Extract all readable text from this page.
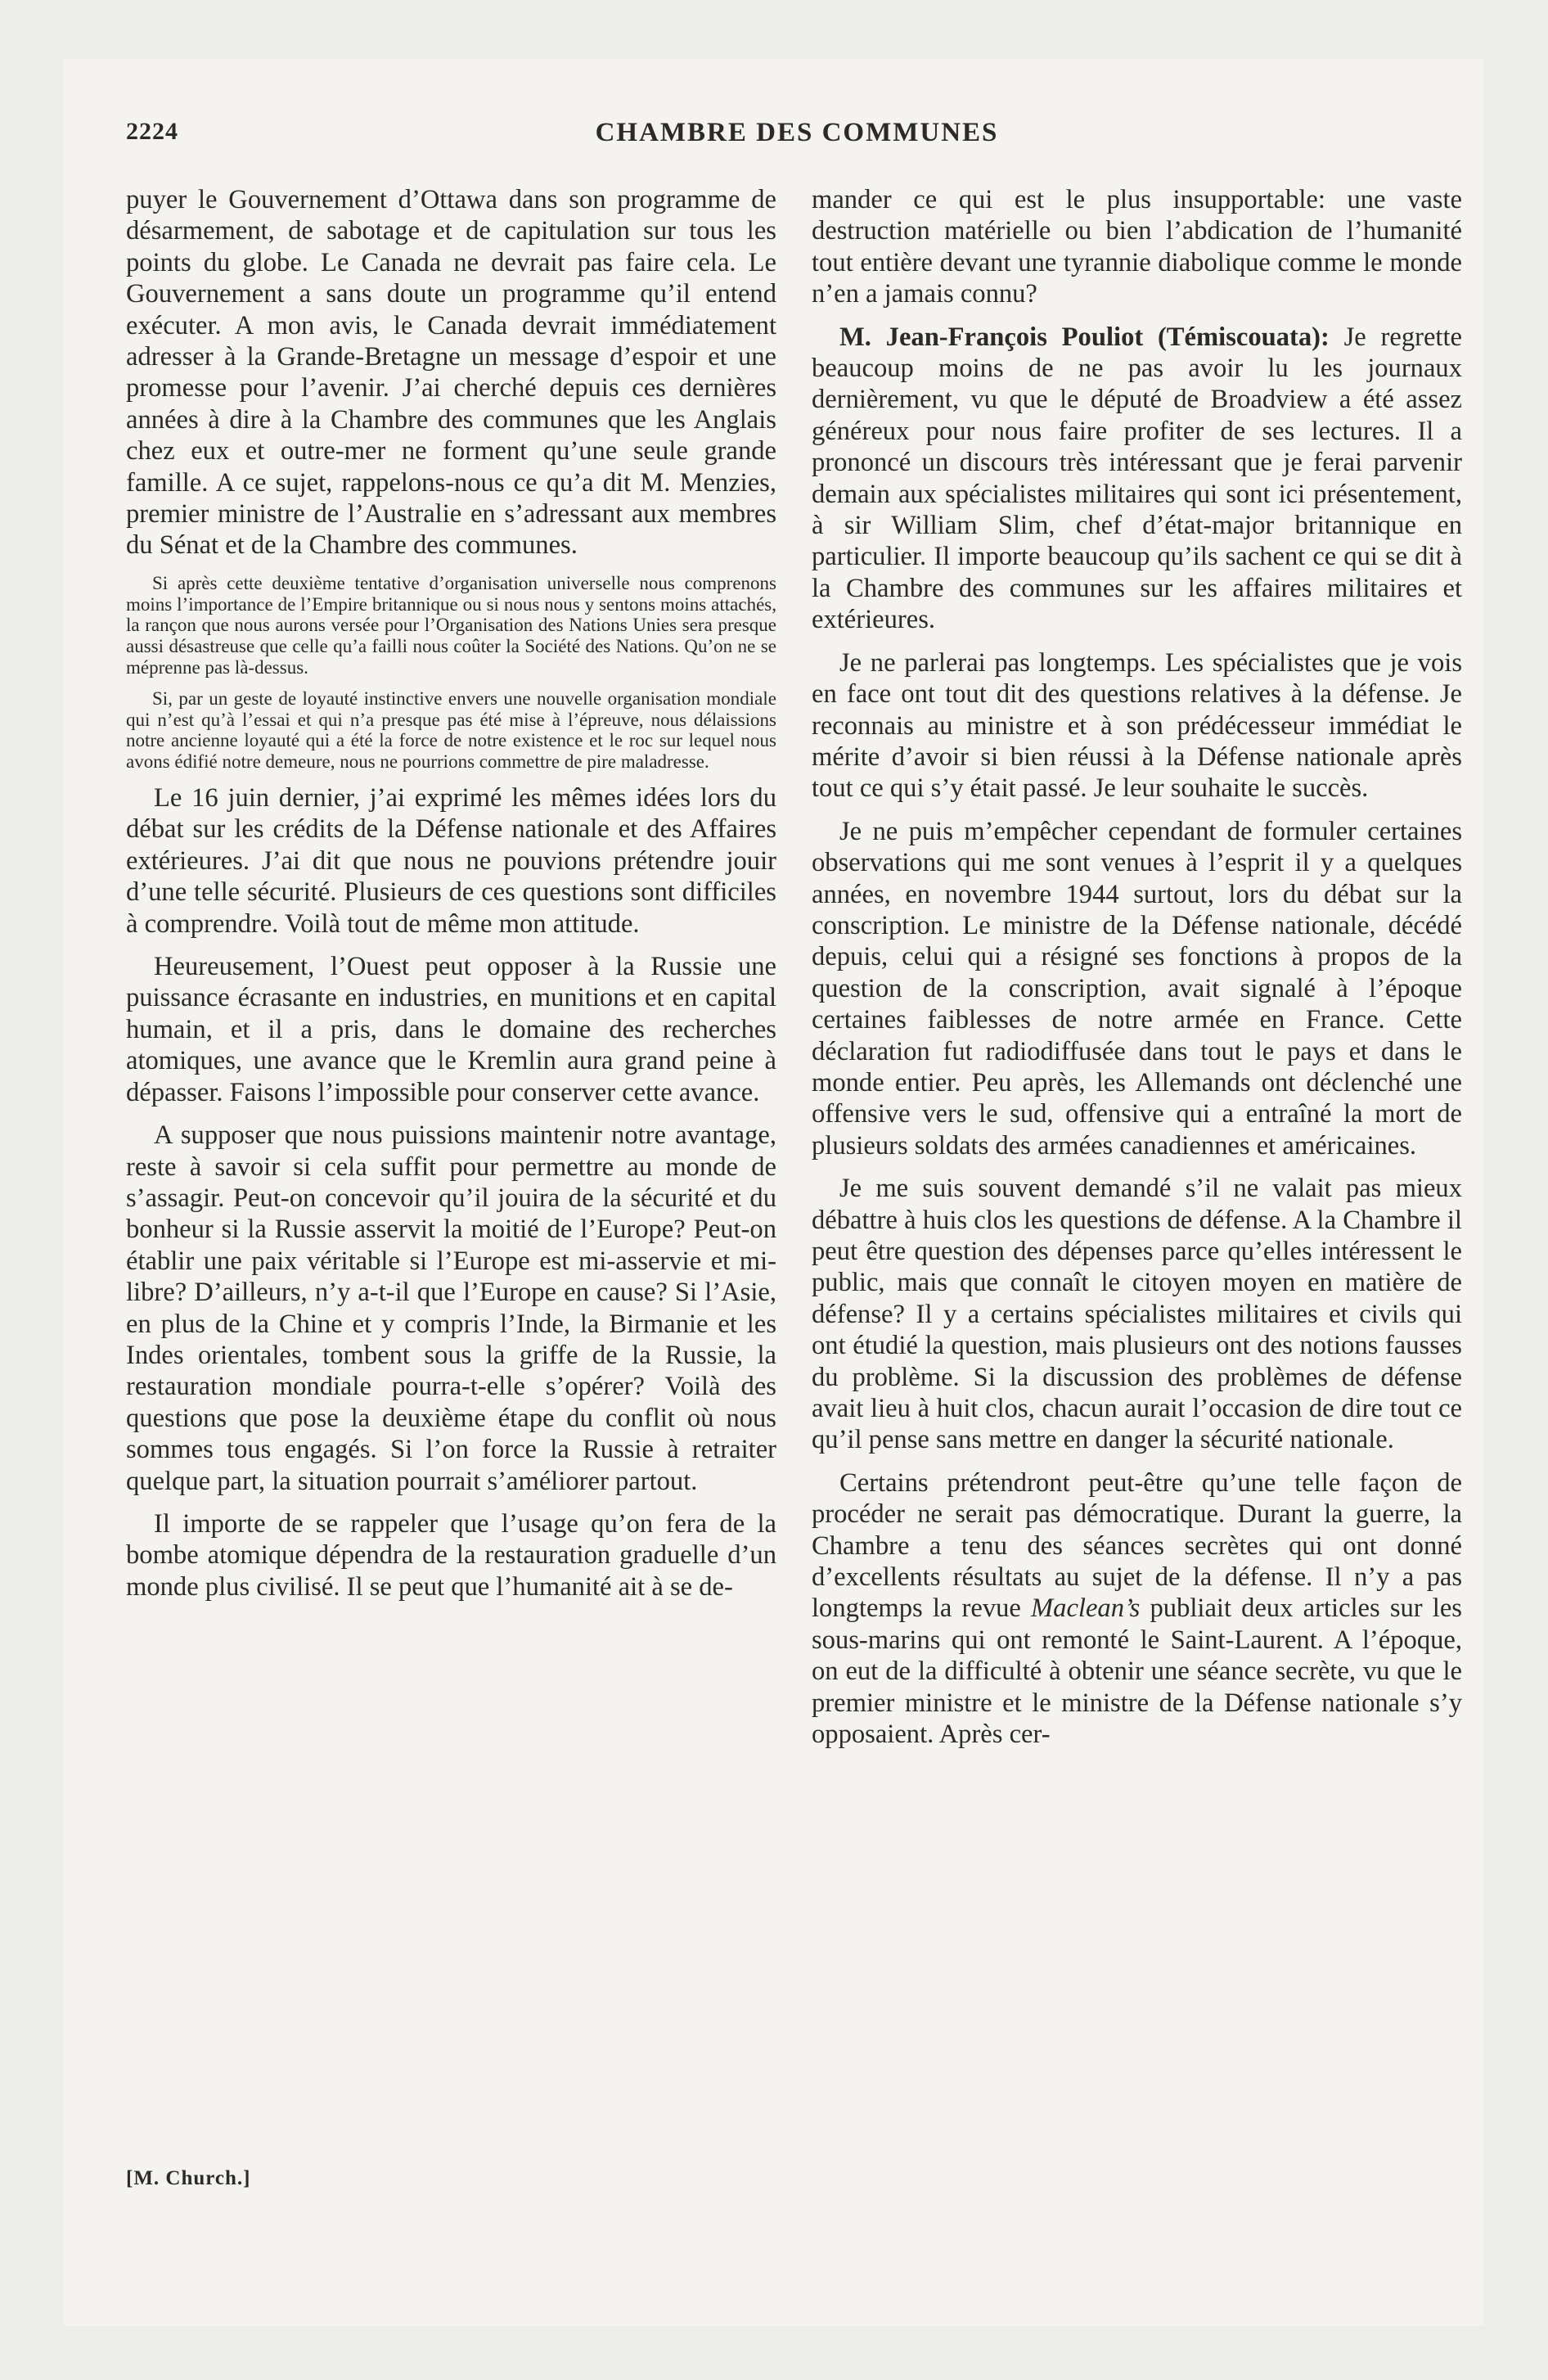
2224	CHAMBRE DES COMMUNES

puyer le Gouvernement d’Ottawa dans son programme de désarmement, de sabotage et de capitulation sur tous les points du globe. Le Canada ne devrait pas faire cela. Le Gouvernement a sans doute un programme qu’il entend exécuter. A mon avis, le Canada devrait immédiatement adresser à la Grande-Bretagne un message d’espoir et une promesse pour l’avenir. J’ai cherché depuis ces dernières années à dire à la Chambre des communes que les Anglais chez eux et outre-mer ne forment qu’une seule grande famille. A ce sujet, rappelons-nous ce qu’a dit M. Menzies, premier ministre de l’Australie en s’adressant aux membres du Sénat et de la Chambre des communes.

Si après cette deuxième tentative d’organisation universelle nous comprenons moins l’importance de l’Empire britannique ou si nous nous y sentons moins attachés, la rançon que nous aurons versée pour l’Organisation des Nations Unies sera presque aussi désastreuse que celle qu’a failli nous coûter la Société des Nations. Qu’on ne se méprenne pas là-dessus.

Si, par un geste de loyauté instinctive envers une nouvelle organisation mondiale qui n’est qu’à l’essai et qui n’a presque pas été mise à l’épreuve, nous délaissions notre ancienne loyauté qui a été la force de notre existence et le roc sur lequel nous avons édifié notre demeure, nous ne pourrions commettre de pire maladresse.

Le 16 juin dernier, j’ai exprimé les mêmes idées lors du débat sur les crédits de la Défense nationale et des Affaires extérieures. J’ai dit que nous ne pouvions prétendre jouir d’une telle sécurité. Plusieurs de ces questions sont difficiles à comprendre. Voilà tout de même mon attitude.

Heureusement, l’Ouest peut opposer à la Russie une puissance écrasante en industries, en munitions et en capital humain, et il a pris, dans le domaine des recherches atomiques, une avance que le Kremlin aura grand peine à dépasser. Faisons l’impossible pour conserver cette avance.

A supposer que nous puissions maintenir notre avantage, reste à savoir si cela suffit pour permettre au monde de s’assagir. Peut-on concevoir qu’il jouira de la sécurité et du bonheur si la Russie asservit la moitié de l’Europe? Peut-on établir une paix véritable si l’Europe est mi-asservie et mi-libre? D’ailleurs, n’y a-t-il que l’Europe en cause? Si l’Asie, en plus de la Chine et y compris l’Inde, la Birmanie et les Indes orientales, tombent sous la griffe de la Russie, la restauration mondiale pourra-t-elle s’opérer? Voilà des questions que pose la deuxième étape du conflit où nous sommes tous engagés. Si l’on force la Russie à retraiter quelque part, la situation pourrait s’améliorer partout.

Il importe de se rappeler que l’usage qu’on fera de la bombe atomique dépendra de la restauration graduelle d’un monde plus civilisé. Il se peut que l’humanité ait à se de-

mander ce qui est le plus insupportable: une vaste destruction matérielle ou bien l’abdication de l’humanité tout entière devant une tyrannie diabolique comme le monde n’en a jamais connu?

M. Jean-François Pouliot (Témiscouata): Je regrette beaucoup moins de ne pas avoir lu les journaux dernièrement, vu que le député de Broadview a été assez généreux pour nous faire profiter de ses lectures. Il a prononcé un discours très intéressant que je ferai parvenir demain aux spécialistes militaires qui sont ici présentement, à sir William Slim, chef d’état-major britannique en particulier. Il importe beaucoup qu’ils sachent ce qui se dit à la Chambre des communes sur les affaires militaires et extérieures.

Je ne parlerai pas longtemps. Les spécialistes que je vois en face ont tout dit des questions relatives à la défense. Je reconnais au ministre et à son prédécesseur immédiat le mérite d’avoir si bien réussi à la Défense nationale après tout ce qui s’y était passé. Je leur souhaite le succès.

Je ne puis m’empêcher cependant de formuler certaines observations qui me sont venues à l’esprit il y a quelques années, en novembre 1944 surtout, lors du débat sur la conscription. Le ministre de la Défense nationale, décédé depuis, celui qui a résigné ses fonctions à propos de la question de la conscription, avait signalé à l’époque certaines faiblesses de notre armée en France. Cette déclaration fut radiodiffusée dans tout le pays et dans le monde entier. Peu après, les Allemands ont déclenché une offensive vers le sud, offensive qui a entraîné la mort de plusieurs soldats des armées canadiennes et américaines.

Je me suis souvent demandé s’il ne valait pas mieux débattre à huis clos les questions de défense. A la Chambre il peut être question des dépenses parce qu’elles intéressent le public, mais que connaît le citoyen moyen en matière de défense? Il y a certains spécialistes militaires et civils qui ont étudié la question, mais plusieurs ont des notions fausses du problème. Si la discussion des problèmes de défense avait lieu à huit clos, chacun aurait l’occasion de dire tout ce qu’il pense sans mettre en danger la sécurité nationale.

Certains prétendront peut-être qu’une telle façon de procéder ne serait pas démocratique. Durant la guerre, la Chambre a tenu des séances secrètes qui ont donné d’excellents résultats au sujet de la défense. Il n’y a pas longtemps la revue Maclean’s publiait deux articles sur les sous-marins qui ont remonté le Saint-Laurent. A l’époque, on eut de la difficulté à obtenir une séance secrète, vu que le premier ministre et le ministre de la Défense nationale s’y opposaient. Après cer-

[M. Church.]
